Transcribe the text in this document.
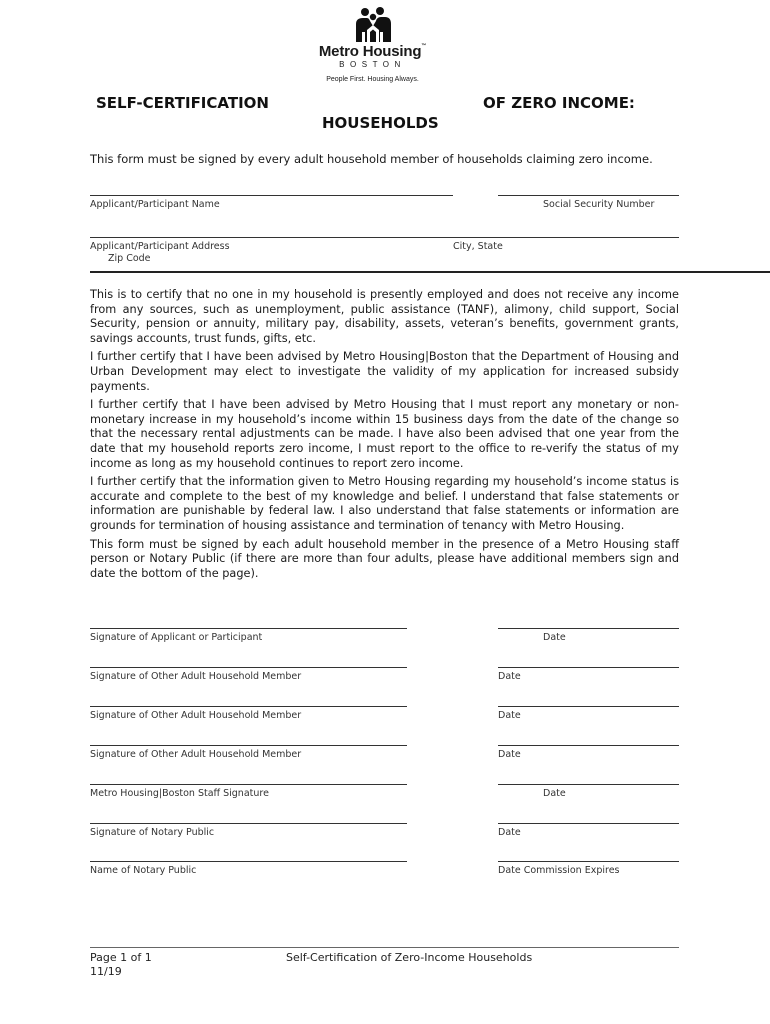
Metro Housing™
BOSTON
People First. Housing Always.
SELF-CERTIFICATION	OF ZERO INCOME:
HOUSEHOLDS
This form must be signed by every adult household member of households claiming zero income.
Applicant/Participant Name	Social Security Number
Applicant/Participant Address	City, State
Zip Code

This is to certify that no one in my household is presently employed and does not receive any income from any sources, such as unemployment, public assistance (TANF), alimony, child support, Social Security, pension or annuity, military pay, disability, assets, veteran’s benefits, government grants, savings accounts, trust funds, gifts, etc.

I further certify that I have been advised by Metro Housing|Boston that the Department of Housing and Urban Development may elect to investigate the validity of my application for increased subsidy payments.

I further certify that I have been advised by Metro Housing that I must report any monetary or non-monetary increase in my household’s income within 15 business days from the date of the change so that the necessary rental adjustments can be made. I have also been advised that one year from the date that my household reports zero income, I must report to the office to re-verify the status of my income as long as my household continues to report zero income.

I further certify that the information given to Metro Housing regarding my household’s income status is accurate and complete to the best of my knowledge and belief. I understand that false statements or information are punishable by federal law. I also understand that false statements or information are grounds for termination of housing assistance and termination of tenancy with Metro Housing.

This form must be signed by each adult household member in the presence of a Metro Housing staff person or Notary Public (if there are more than four adults, please have additional members sign and date the bottom of the page).

Signature of Applicant or Participant	Date
Signature of Other Adult Household Member	Date
Signature of Other Adult Household Member	Date
Signature of Other Adult Household Member	Date
Metro Housing|Boston Staff Signature	Date
Signature of Notary Public	Date
Name of Notary Public	Date Commission Expires
Page 1 of 1
11/19
Self-Certification of Zero-Income Households
